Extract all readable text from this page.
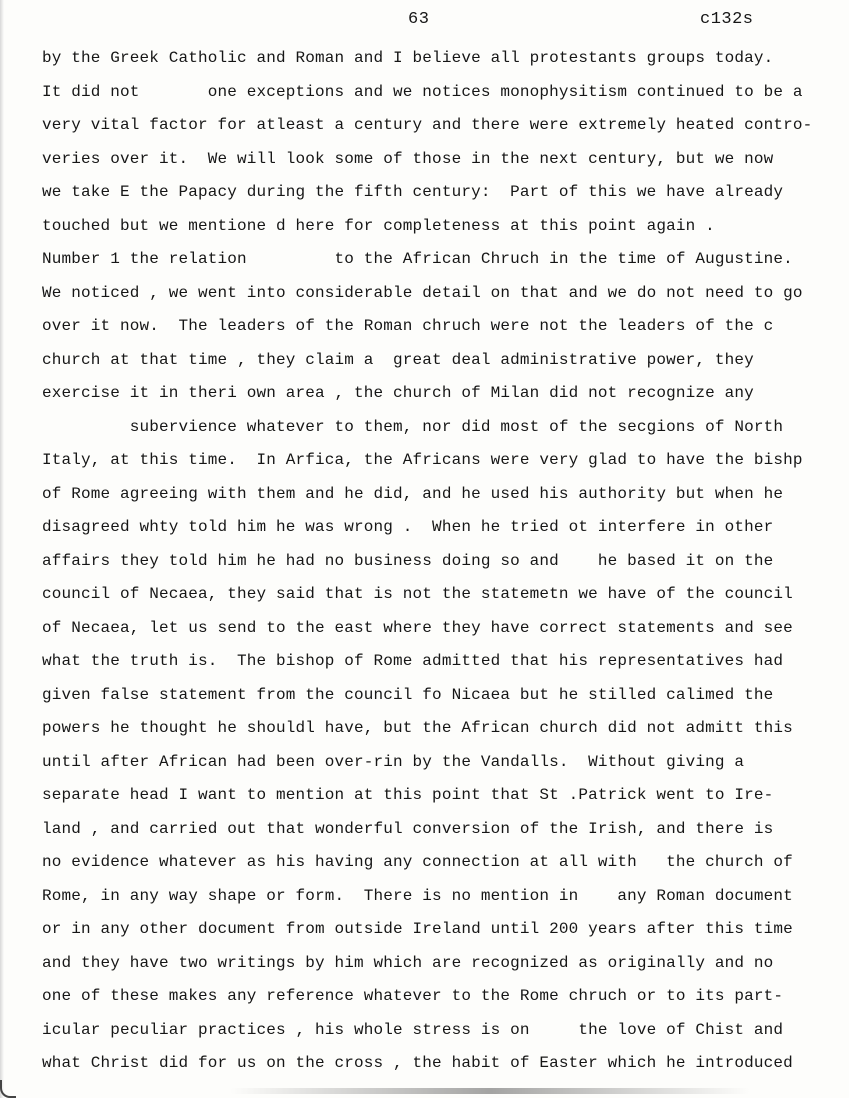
63	c132s
by the Greek Catholic and Roman and I believe all protestants groups today.
It did not       one exceptions and we notices monophysitism continued to be a
very vital factor for atleast a century and there were extremely heated contro-
veries over it.  We will look some of those in the next century, but we now
we take E the Papacy during the fifth century:  Part of this we have already
touched but we mentione d here for completeness at this point again .
Number 1 the relation         to the African Chruch in the time of Augustine.
We noticed , we went into considerable detail on that and we do not need to go
over it now.  The leaders of the Roman chruch were not the leaders of the c
church at that time , they claim a  great deal administrative power, they
exercise it in theri own area , the church of Milan did not recognize any
subervience whatever to them, nor did most of the secgions of North
Italy, at this time.  In Arfica, the Africans were very glad to have the bishp
of Rome agreeing with them and he did, and he used his authority but when he
disagreed whty told him he was wrong .  When he tried ot interfere in other
affairs they told him he had no business doing so and    he based it on the
council of Necaea, they said that is not the statemetn we have of the council
of Necaea, let us send to the east where they have correct statements and see
what the truth is.  The bishop of Rome admitted that his representatives had
given false statement from the council fo Nicaea but he stilled calimed the
powers he thought he shouldl have, but the African church did not admitt this
until after African had been over-rin by the Vandalls.  Without giving a
separate head I want to mention at this point that St .Patrick went to Ire-
land , and carried out that wonderful conversion of the Irish, and there is
no evidence whatever as his having any connection at all with   the church of
Rome, in any way shape or form.  There is no mention in    any Roman document
or in any other document from outside Ireland until 200 years after this time
and they have two writings by him which are recognized as originally and no
one of these makes any reference whatever to the Rome chruch or to its part-
icular peculiar practices , his whole stress is on     the love of Chist and
what Christ did for us on the cross , the habit of Easter which he introduced
